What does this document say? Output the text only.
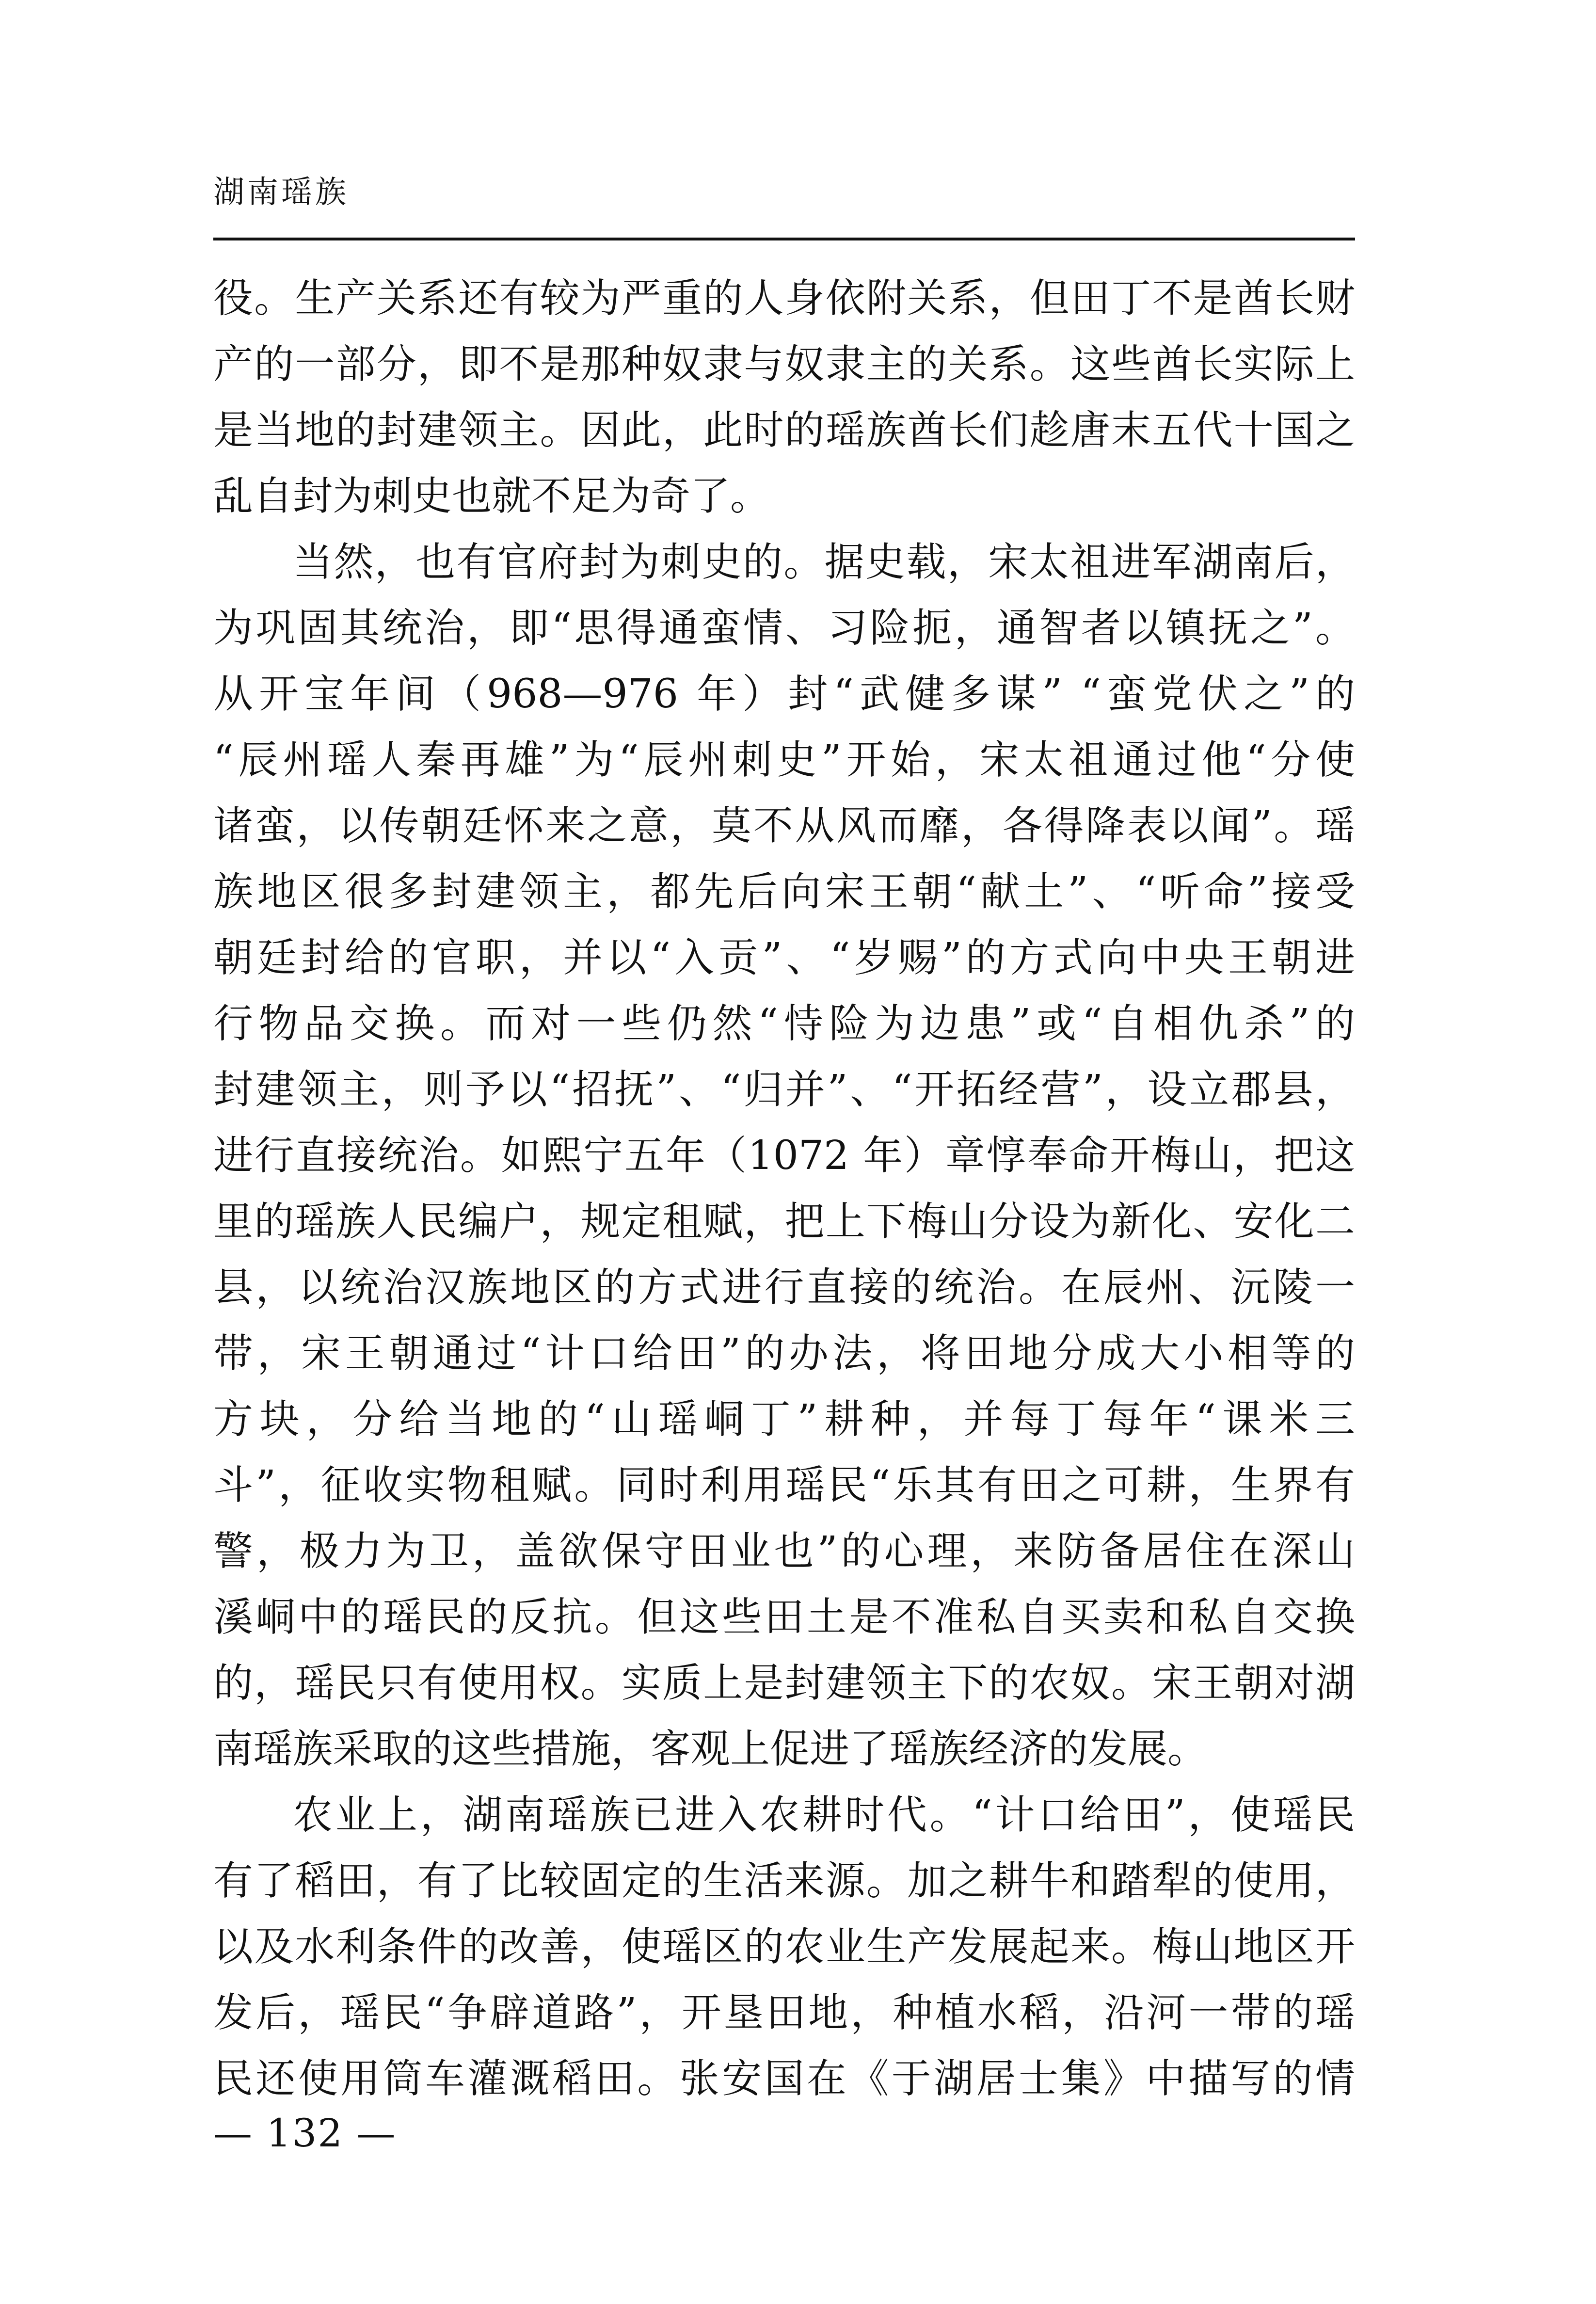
湖南瑶族
役。生产关系还有较为严重的人身依附关系，但田丁不是酋长财
产的一部分，即不是那种奴隶与奴隶主的关系。这些酋长实际上
是当地的封建领主。因此，此时的瑶族酋长们趁唐末五代十国之
乱自封为刺史也就不足为奇了。
当然，也有官府封为刺史的。据史载，宋太祖进军湖南后，
为巩固其统治，即“思得通蛮情、习险扼，通智者以镇抚之”。
从开宝年间（968—976 年）封“武健多谋” “蛮党伏之”的
“辰州瑶人秦再雄”为“辰州刺史”开始，宋太祖通过他“分使
诸蛮，以传朝廷怀来之意，莫不从风而靡，各得降表以闻”。瑶
族地区很多封建领主，都先后向宋王朝“献土”、“听命”接受
朝廷封给的官职，并以“入贡”、“岁赐”的方式向中央王朝进
行物品交换。而对一些仍然“恃险为边患”或“自相仇杀”的
封建领主，则予以“招抚”、“归并”、“开拓经营”，设立郡县，
进行直接统治。如熙宁五年（1072 年）章惇奉命开梅山，把这
里的瑶族人民编户，规定租赋，把上下梅山分设为新化、安化二
县，以统治汉族地区的方式进行直接的统治。在辰州、沅陵一
带，宋王朝通过“计口给田”的办法，将田地分成大小相等的
方块，分给当地的“山瑶峒丁”耕种，并每丁每年“课米三
斗”，征收实物租赋。同时利用瑶民“乐其有田之可耕，生界有
警，极力为卫，盖欲保守田业也”的心理，来防备居住在深山
溪峒中的瑶民的反抗。但这些田土是不准私自买卖和私自交换
的，瑶民只有使用权。实质上是封建领主下的农奴。宋王朝对湖
南瑶族采取的这些措施，客观上促进了瑶族经济的发展。
农业上，湖南瑶族已进入农耕时代。“计口给田”，使瑶民
有了稻田，有了比较固定的生活来源。加之耕牛和踏犁的使用，
以及水利条件的改善，使瑶区的农业生产发展起来。梅山地区开
发后，瑶民“争辟道路”，开垦田地，种植水稻，沿河一带的瑶
民还使用筒车灌溉稻田。张安国在《于湖居士集》中描写的情
— 132 —
